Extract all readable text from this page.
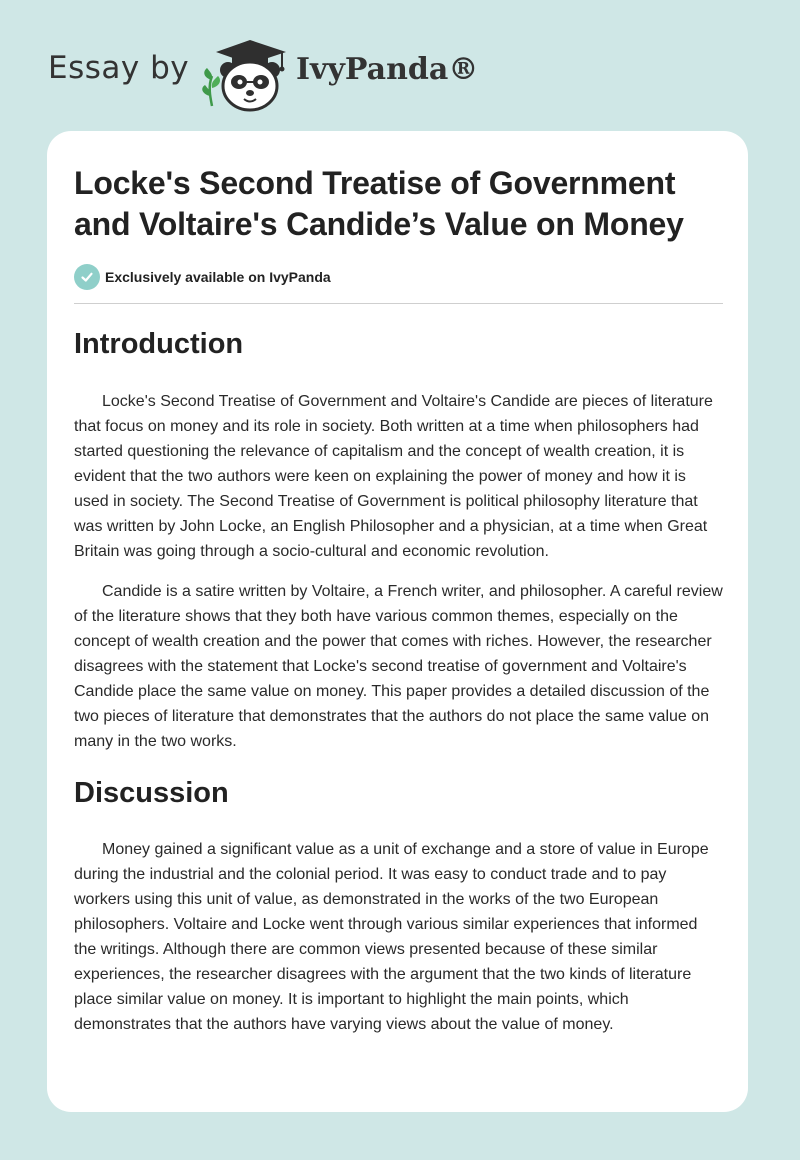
Essay by	IvyPanda®
Locke's Second Treatise of Government and Voltaire's Candide’s Value on Money
Exclusively available on IvyPanda
Introduction

Locke's Second Treatise of Government and Voltaire's Candide are pieces of literature that focus on money and its role in society. Both written at a time when philosophers had started questioning the relevance of capitalism and the concept of wealth creation, it is evident that the two authors were keen on explaining the power of money and how it is used in society. The Second Treatise of Government is political philosophy literature that was written by John Locke, an English Philosopher and a physician, at a time when Great Britain was going through a socio-cultural and economic revolution.

Candide is a satire written by Voltaire, a French writer, and philosopher. A careful review of the literature shows that they both have various common themes, especially on the concept of wealth creation and the power that comes with riches. However, the researcher disagrees with the statement that Locke's second treatise of government and Voltaire's Candide place the same value on money. This paper provides a detailed discussion of the two pieces of literature that demonstrates that the authors do not place the same value on many in the two works.

Discussion

Money gained a significant value as a unit of exchange and a store of value in Europe during the industrial and the colonial period. It was easy to conduct trade and to pay workers using this unit of value, as demonstrated in the works of the two European philosophers. Voltaire and Locke went through various similar experiences that informed the writings. Although there are common views presented because of these similar experiences, the researcher disagrees with the argument that the two kinds of literature place similar value on money. It is important to highlight the main points, which demonstrates that the authors have varying views about the value of money.
